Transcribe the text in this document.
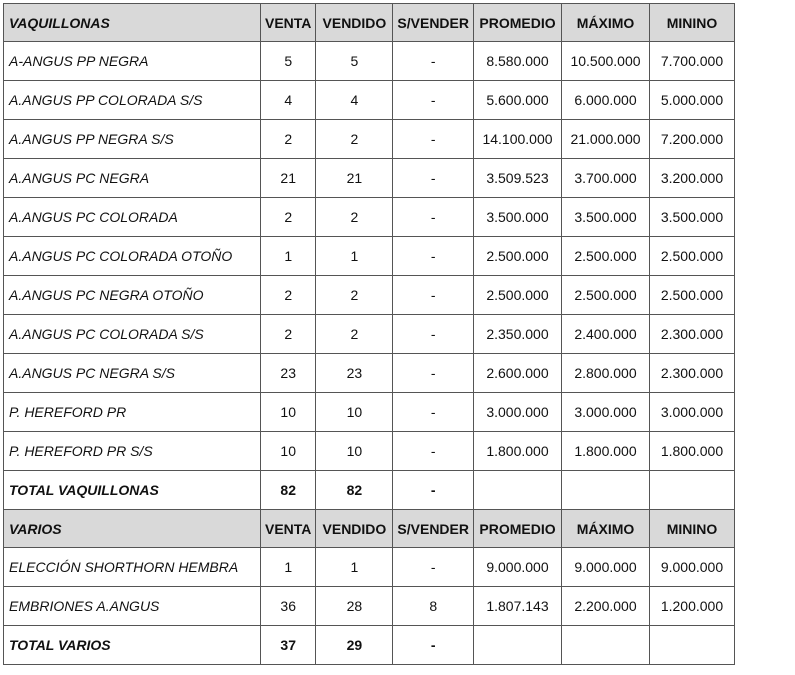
VAQUILLONAS	VENTA	VENDIDO	S/VENDER	PROMEDIO	MÁXIMO	MININO
A-ANGUS PP NEGRA	5	5	-	8.580.000	10.500.000	7.700.000
A.ANGUS PP COLORADA S/S	4	4	-	5.600.000	6.000.000	5.000.000
A.ANGUS PP NEGRA S/S	2	2	-	14.100.000	21.000.000	7.200.000
A.ANGUS PC NEGRA	21	21	-	3.509.523	3.700.000	3.200.000
A.ANGUS PC COLORADA	2	2	-	3.500.000	3.500.000	3.500.000
A.ANGUS PC COLORADA OTOÑO	1	1	-	2.500.000	2.500.000	2.500.000
A.ANGUS PC NEGRA OTOÑO	2	2	-	2.500.000	2.500.000	2.500.000
A.ANGUS PC COLORADA S/S	2	2	-	2.350.000	2.400.000	2.300.000
A.ANGUS PC NEGRA S/S	23	23	-	2.600.000	2.800.000	2.300.000
P. HEREFORD PR	10	10	-	3.000.000	3.000.000	3.000.000
P. HEREFORD PR S/S	10	10	-	1.800.000	1.800.000	1.800.000
TOTAL VAQUILLONAS	82	82	-			
VARIOS	VENTA	VENDIDO	S/VENDER	PROMEDIO	MÁXIMO	MININO
ELECCIÓN SHORTHORN HEMBRA	1	1	-	9.000.000	9.000.000	9.000.000
EMBRIONES A.ANGUS	36	28	8	1.807.143	2.200.000	1.200.000
TOTAL VARIOS	37	29	-			
